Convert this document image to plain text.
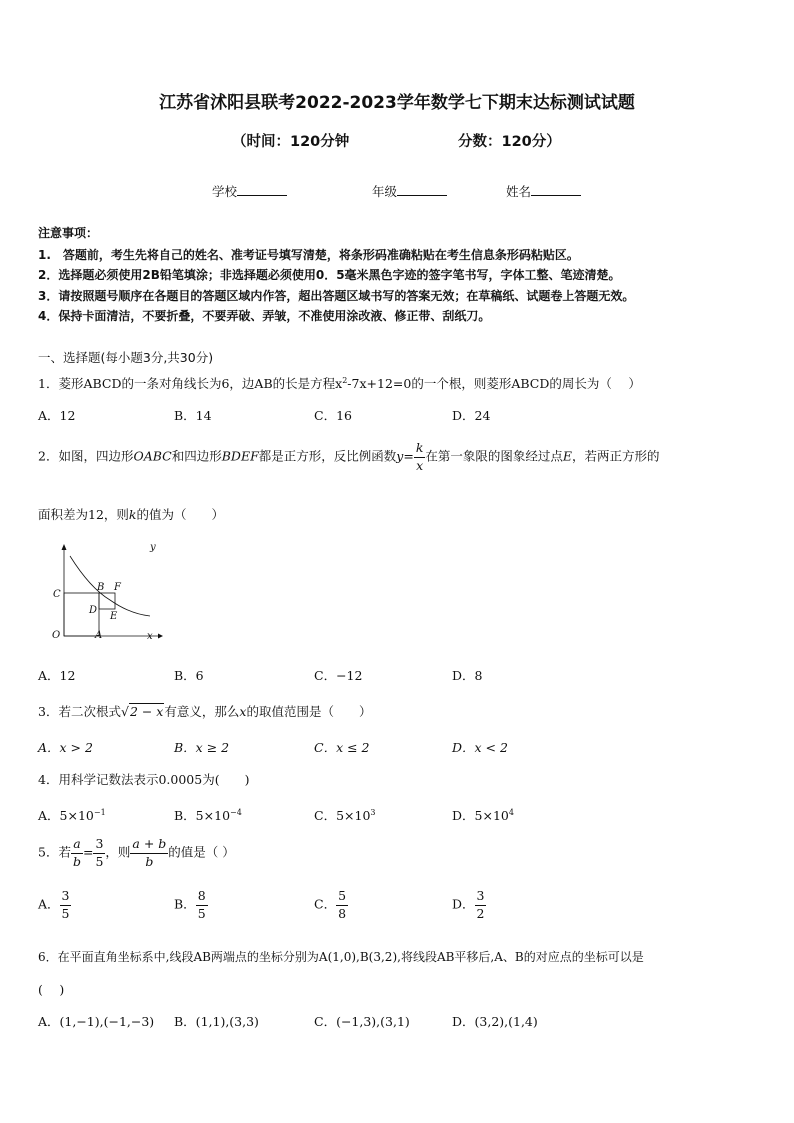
江苏省沭阳县联考2022-2023学年数学七下期末达标测试试题
（时间：120分钟	分数：120分）
学校	年级	姓名
注意事项：
1.　答题前，考生先将自己的姓名、准考证号填写清楚，将条形码准确粘贴在考生信息条形码粘贴区。
2．选择题必须使用2B铅笔填涂；非选择题必须使用0．5毫米黑色字迹的签字笔书写，字体工整、笔迹清楚。
3．请按照题号顺序在各题目的答题区域内作答，超出答题区域书写的答案无效；在草稿纸、试题卷上答题无效。
4．保持卡面清洁，不要折叠，不要弄破、弄皱，不准使用涂改液、修正带、刮纸刀。
一、选择题(每小题3分,共30分)
1．菱形ABCD的一条对角线长为6，边AB的长是方程$x^2-7x+12=0$的一个根，则菱形ABCD的周长为（　 ）
A．12	B．14	C．16	D．24
2．如图，四边形OABC和四边形BDEF都是正方形，反比例函数$y= \frac{k}{x}$ 在第一象限的图象经过点E，若两正方形的
面积差为12，则k的值为（　　）
y
x
O	A
B
C
D
E
F
A．12	B．6	C．−12	D．8
3．若二次根式√2 − x有意义，那么x的取值范围是（　　）
A．x > 2	B．x ≥ 2	C．x ≤ 2	D．x < 2
4．用科学记数法表示0.0005为(　　)
A．$5\times 10^{-1}$	B．$5\times 10^{-4}$	C．$5\times 10^3$	D．$5\times 10^4$
5．若 $\frac{a}{b} = \frac{3}{5}$ ，则 $\frac{a + b}{b}$ 的值是（ ）
A． $\frac{3}{5}$	B． $\frac{8}{5}$	C． $\frac{5}{8}$	D． $\frac{3}{2}$
6．在平面直角坐标系中,线段AB两端点的坐标分别为A(1,0),B(3,2),将线段AB平移后,A、B的对应点的坐标可以是
(　 )
A．(1,−1),(−1,−3) B．(1,1),(3,3)	C．(−1,3),(3,1)	D．(3,2),(1,4)
